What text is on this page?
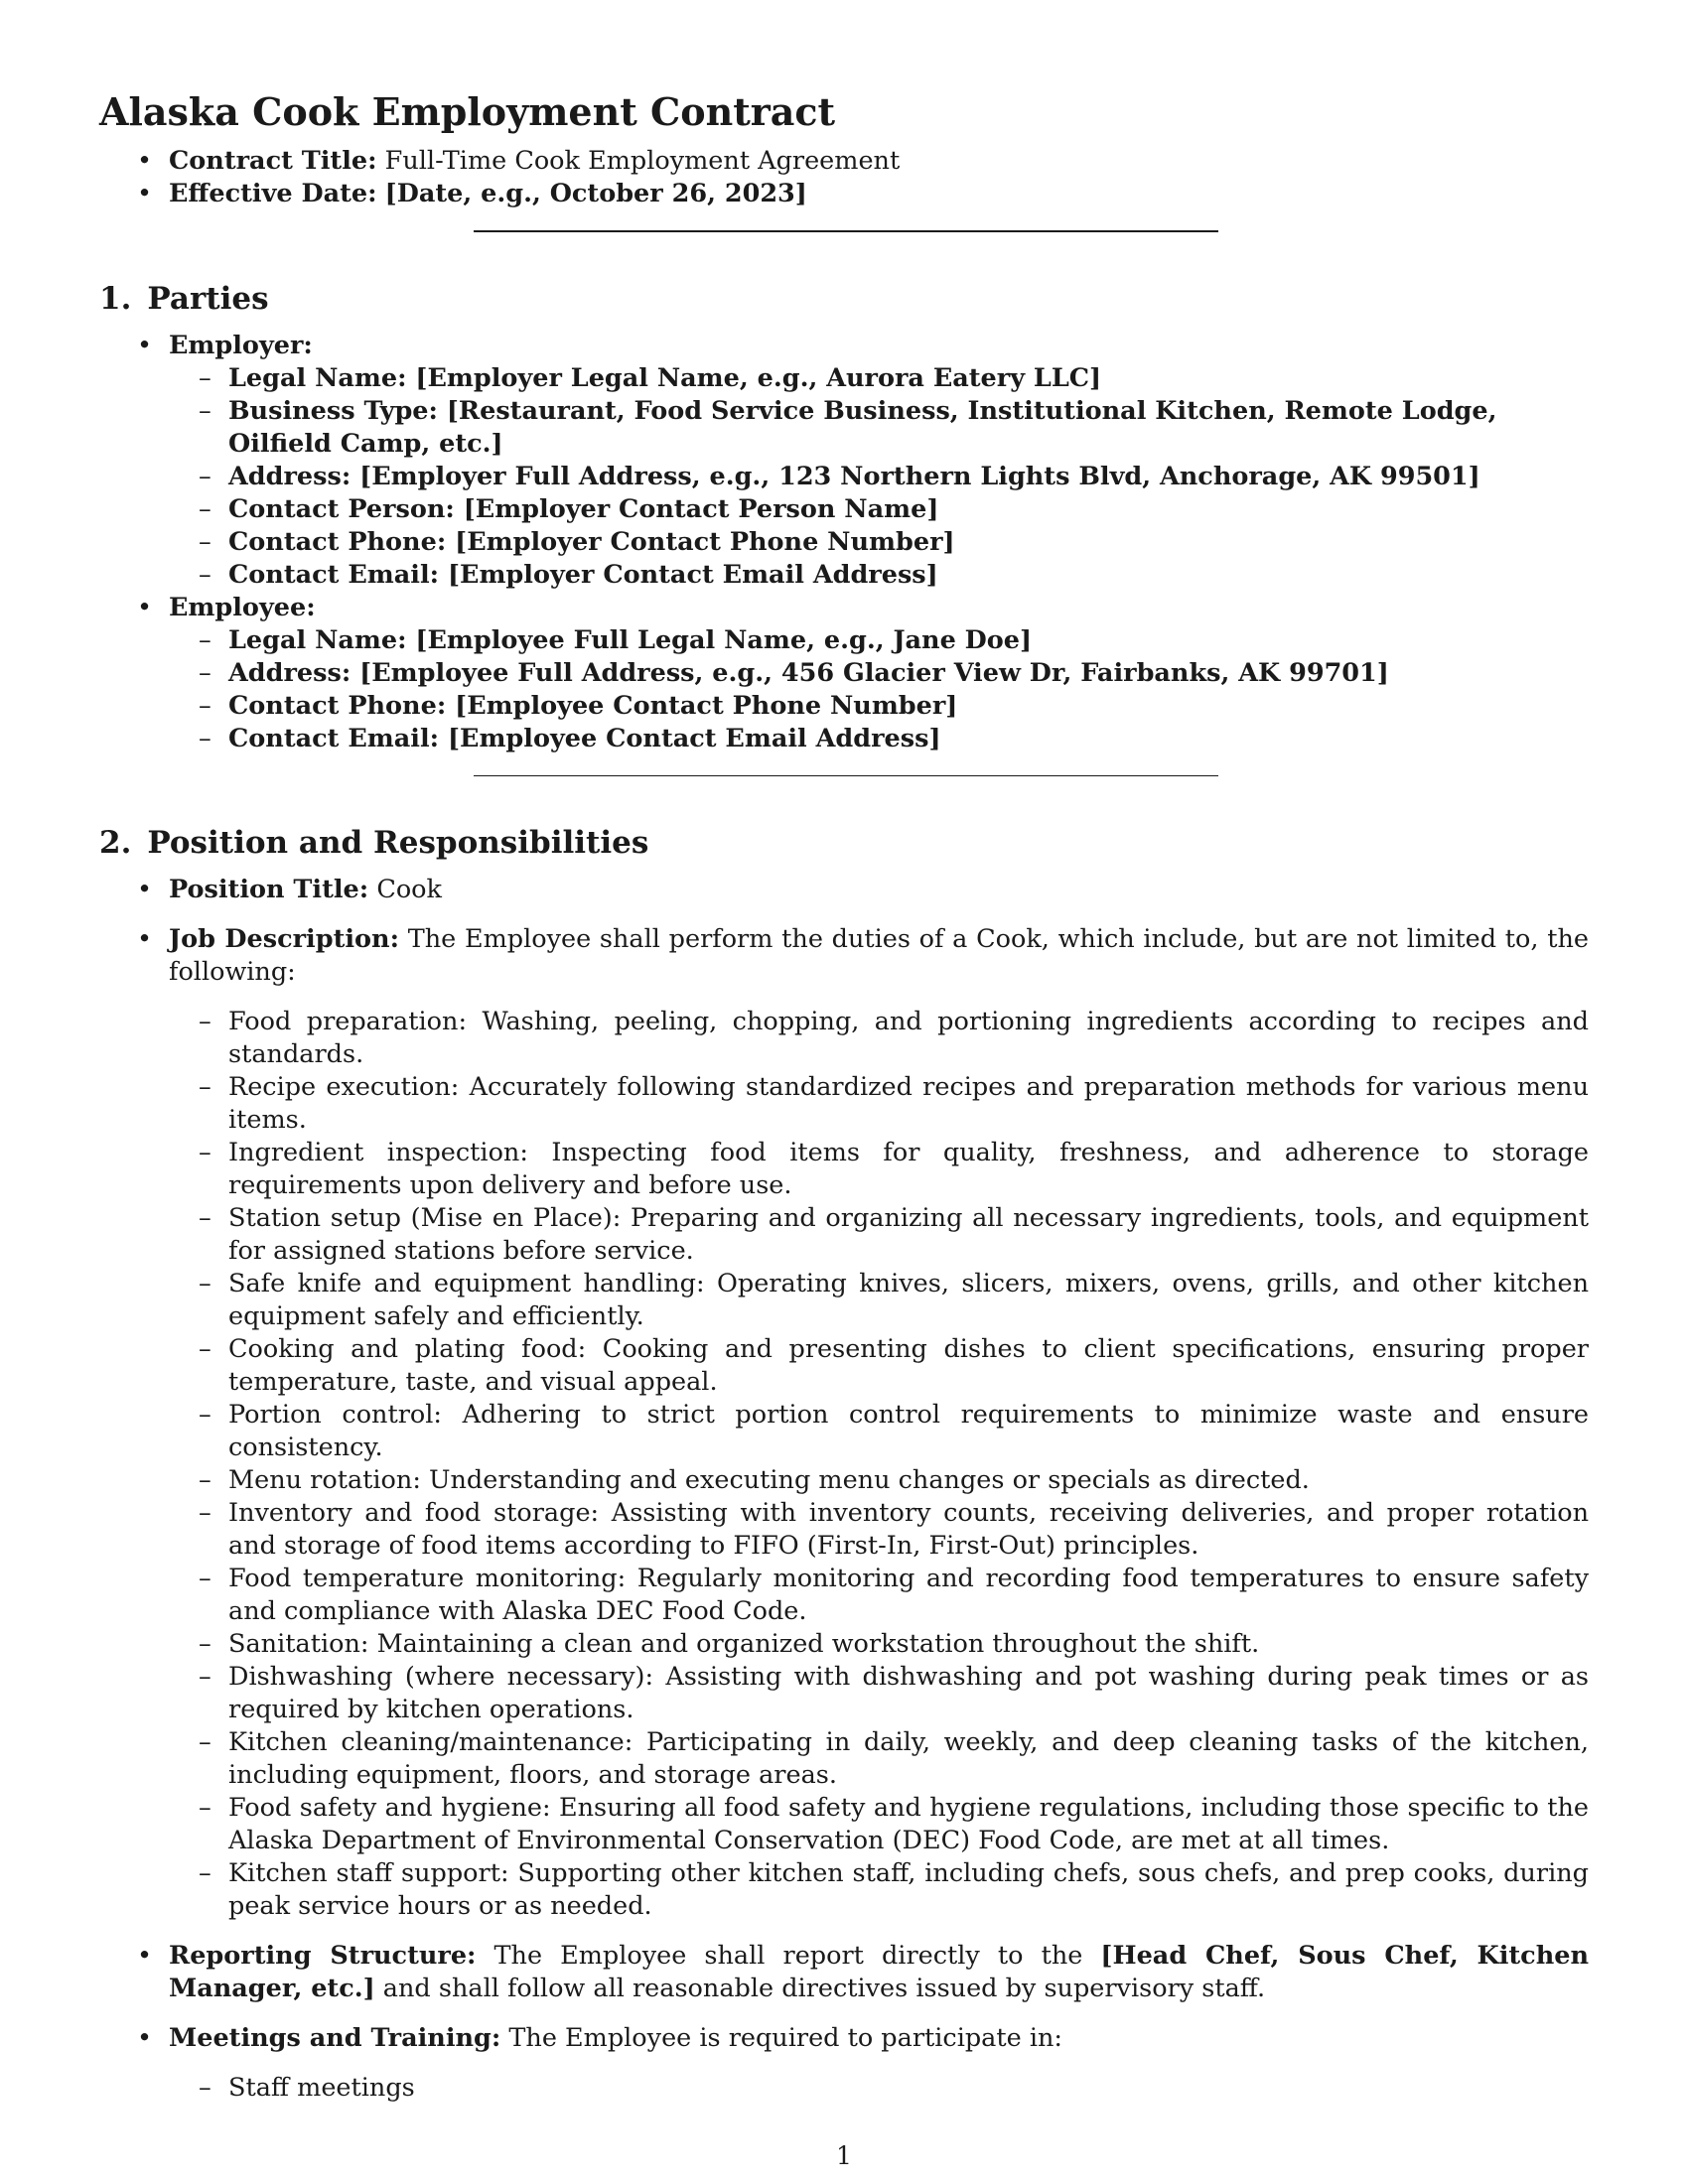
Alaska Cook Employment Contract
• Contract Title: Full-Time Cook Employment Agreement
• Effective Date: [Date, e.g., October 26, 2023]
1. Parties
• Employer:
– Legal Name: [Employer Legal Name, e.g., Aurora Eatery LLC]
– Business Type: [Restaurant, Food Service Business, Institutional Kitchen, Remote Lodge, Oilfield Camp, etc.]
– Address: [Employer Full Address, e.g., 123 Northern Lights Blvd, Anchorage, AK 99501]
– Contact Person: [Employer Contact Person Name]
– Contact Phone: [Employer Contact Phone Number]
– Contact Email: [Employer Contact Email Address]
• Employee:
– Legal Name: [Employee Full Legal Name, e.g., Jane Doe]
– Address: [Employee Full Address, e.g., 456 Glacier View Dr, Fairbanks, AK 99701]
– Contact Phone: [Employee Contact Phone Number]
– Contact Email: [Employee Contact Email Address]
2. Position and Responsibilities
• Position Title: Cook
• Job Description: The Employee shall perform the duties of a Cook, which include, but are not limited to, the following:
– Food preparation: Washing, peeling, chopping, and portioning ingredients according to recipes and standards.
– Recipe execution: Accurately following standardized recipes and preparation methods for various menu items.
– Ingredient inspection: Inspecting food items for quality, freshness, and adherence to storage requirements upon delivery and before use.
– Station setup (Mise en Place): Preparing and organizing all necessary ingredients, tools, and equipment for assigned stations before service.
– Safe knife and equipment handling: Operating knives, slicers, mixers, ovens, grills, and other kitchen equipment safely and efficiently.
– Cooking and plating food: Cooking and presenting dishes to client specifications, ensuring proper temperature, taste, and visual appeal.
– Portion control: Adhering to strict portion control requirements to minimize waste and ensure consistency.
– Menu rotation: Understanding and executing menu changes or specials as directed.
– Inventory and food storage: Assisting with inventory counts, receiving deliveries, and proper rotation and storage of food items according to FIFO (First-In, First-Out) principles.
– Food temperature monitoring: Regularly monitoring and recording food temperatures to ensure safety and compliance with Alaska DEC Food Code.
– Sanitation: Maintaining a clean and organized workstation throughout the shift.
– Dishwashing (where necessary): Assisting with dishwashing and pot washing during peak times or as required by kitchen operations.
– Kitchen cleaning/maintenance: Participating in daily, weekly, and deep cleaning tasks of the kitchen, including equipment, floors, and storage areas.
– Food safety and hygiene: Ensuring all food safety and hygiene regulations, including those specific to the Alaska Department of Environmental Conservation (DEC) Food Code, are met at all times.
– Kitchen staff support: Supporting other kitchen staff, including chefs, sous chefs, and prep cooks, during peak service hours or as needed.
• Reporting Structure: The Employee shall report directly to the [Head Chef, Sous Chef, Kitchen Manager, etc.] and shall follow all reasonable directives issued by supervisory staff.
• Meetings and Training: The Employee is required to participate in:
– Staff meetings
1
